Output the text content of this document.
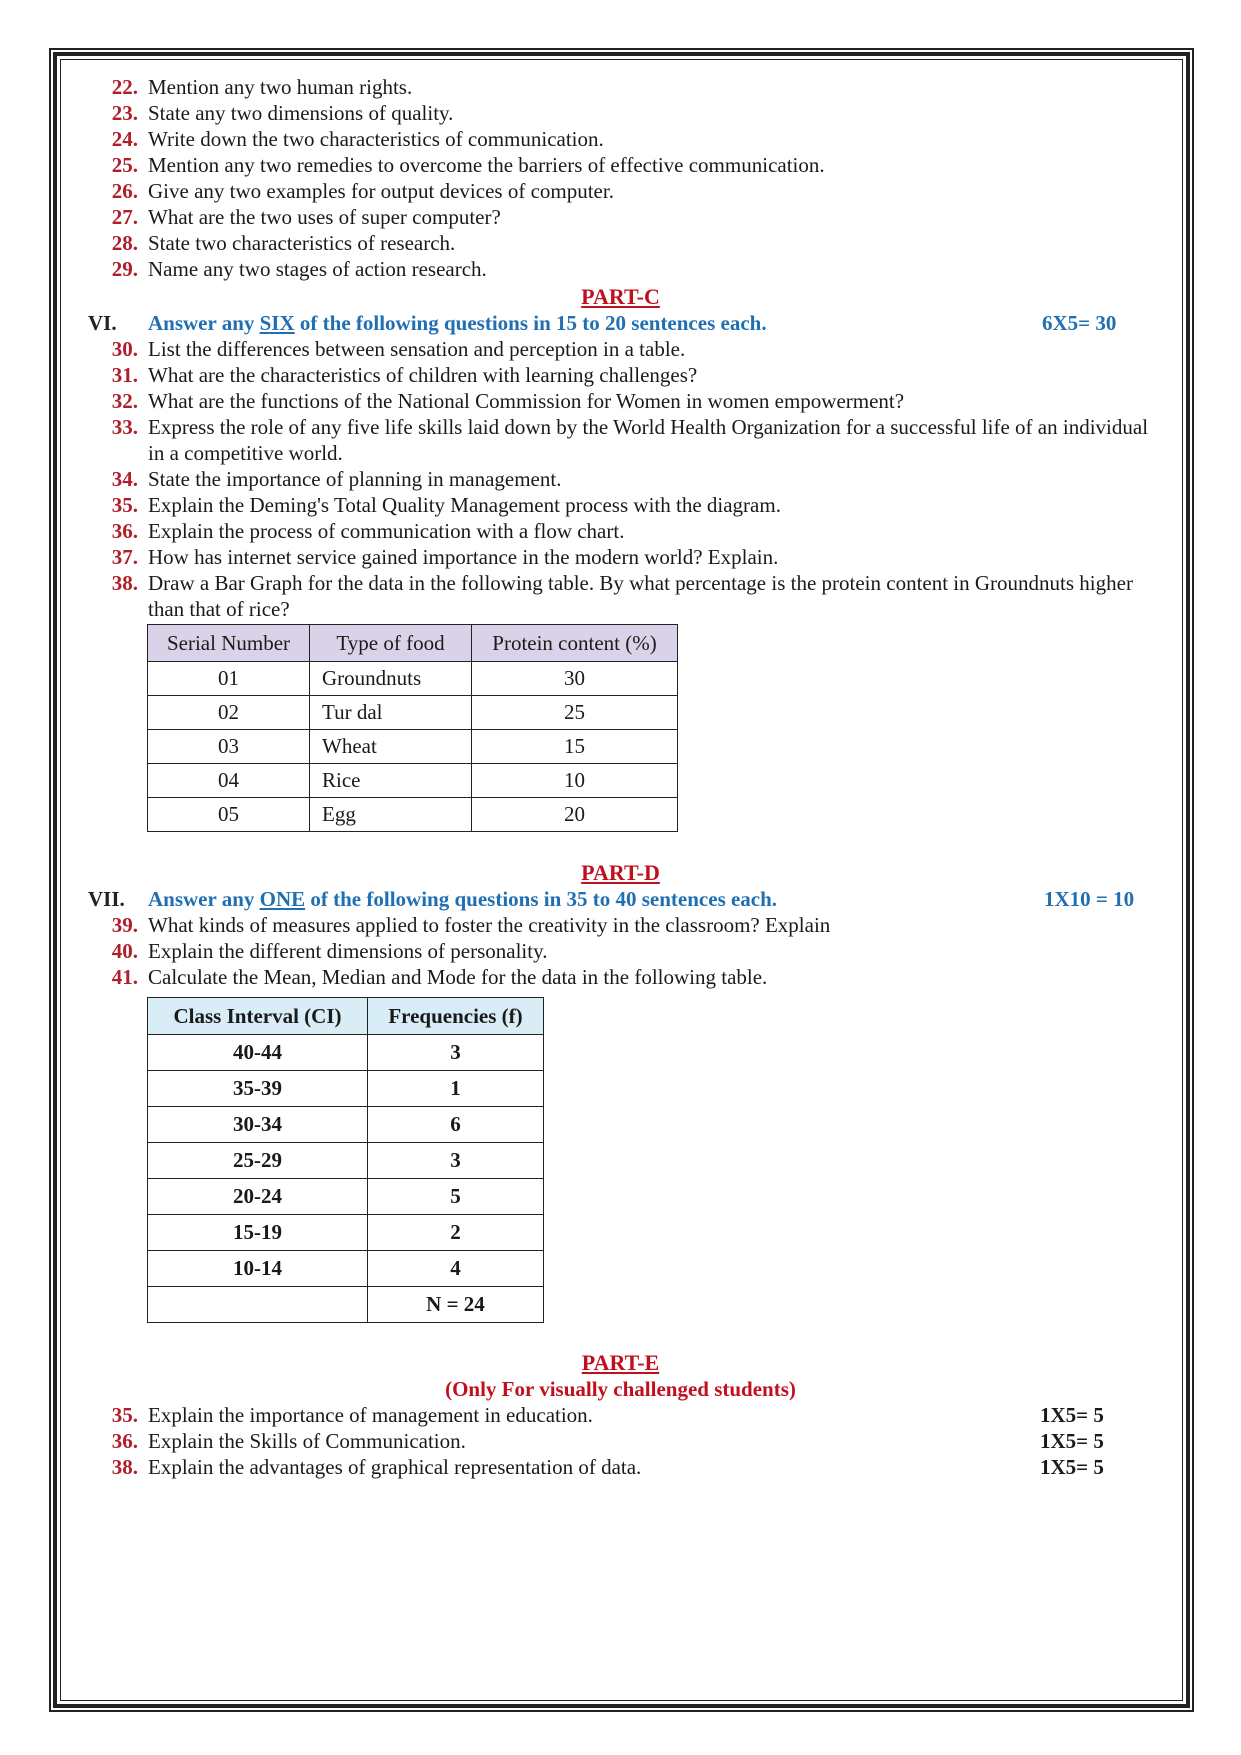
22. Mention any two human rights.
23. State any two dimensions of quality.
24. Write down the two characteristics of communication.
25. Mention any two remedies to overcome the barriers of effective communication.
26. Give any two examples for output devices of computer.
27. What are the two uses of super computer?
28. State two characteristics of research.
29. Name any two stages of action research.
PART-C
VI. Answer any SIX of the following questions in 15 to 20 sentences each.	6X5= 30
30. List the differences between sensation and perception in a table.
31. What are the characteristics of children with learning challenges?
32. What are the functions of the National Commission for Women in women empowerment?
33. Express the role of any five life skills laid down by the World Health Organization for a successful life of an individual in a competitive world.
34. State the importance of planning in management.
35. Explain the Deming's Total Quality Management process with the diagram.
36. Explain the process of communication with a flow chart.
37. How has internet service gained importance in the modern world? Explain.
38. Draw a Bar Graph for the data in the following table. By what percentage is the protein content in Groundnuts higher than that of rice?
Serial Number	Type of food	Protein content (%)
01	Groundnuts	30
02	Tur dal	25
03	Wheat	15
04	Rice	10
05	Egg	20
PART-D
VII. Answer any ONE of the following questions in 35 to 40 sentences each.	1X10 = 10
39. What kinds of measures applied to foster the creativity in the classroom? Explain
40. Explain the different dimensions of personality.
41. Calculate the Mean, Median and Mode for the data in the following table.
Class Interval (CI)	Frequencies (f)
40-44	3
35-39	1
30-34	6
25-29	3
20-24	5
15-19	2
10-14	4
	N = 24
PART-E
(Only For visually challenged students)
35. Explain the importance of management in education.	1X5= 5
36. Explain the Skills of Communication.	1X5= 5
38. Explain the advantages of graphical representation of data.	1X5= 5
